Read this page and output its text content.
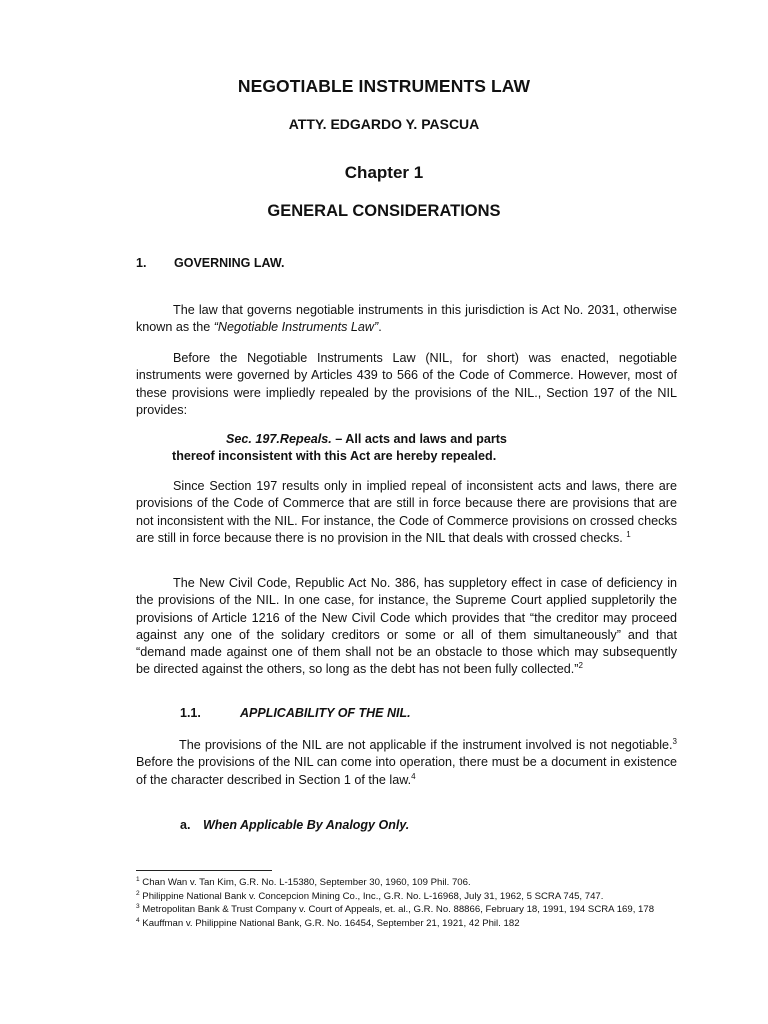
NEGOTIABLE INSTRUMENTS LAW
ATTY. EDGARDO Y. PASCUA
Chapter 1
GENERAL CONSIDERATIONS
1. GOVERNING LAW.

The law that governs negotiable instruments in this jurisdiction is Act No. 2031, otherwise known as the “Negotiable Instruments Law”.

Before the Negotiable Instruments Law (NIL, for short) was enacted, negotiable instruments were governed by Articles 439 to 566 of the Code of Commerce. However, most of these provisions were impliedly repealed by the provisions of the NIL., Section 197 of the NIL provides:

Sec. 197.Repeals. – All acts and laws and parts
thereof inconsistent with this Act are hereby repealed.

Since Section 197 results only in implied repeal of inconsistent acts and laws, there are provisions of the Code of Commerce that are still in force because there are provisions that are not inconsistent with the NIL. For instance, the Code of Commerce provisions on crossed checks are still in force because there is no provision in the NIL that deals with crossed checks. $^1$

The New Civil Code, Republic Act No. 386, has suppletory effect in case of deficiency in the provisions of the NIL. In one case, for instance, the Supreme Court applied suppletorily the provisions of Article 1216 of the New Civil Code which provides that “the creditor may proceed against any one of the solidary creditors or some or all of them simultaneously” and that “demand made against one of them shall not be an obstacle to those which may subsequently be directed against the others, so long as the debt has not been fully collected.”$^2$

1.1.	APPLICABILITY OF THE NIL.

The provisions of the NIL are not applicable if the instrument involved is not negotiable.$^3$ Before the provisions of the NIL can come into operation, there must be a document in existence of the character described in Section 1 of the law.$^4$

a. When Applicable By Analogy Only.
$^1$ Chan Wan v. Tan Kim, G.R. No. L-15380, September 30, 1960, 109 Phil. 706.
$^2$ Philippine National Bank v. Concepcion Mining Co., Inc., G.R. No. L-16968, July 31, 1962, 5 SCRA 745, 747.
$^3$ Metropolitan Bank & Trust Company v. Court of Appeals, et. al., G.R. No. 88866, February 18, 1991, 194 SCRA 169, 178
$^4$ Kauffman v. Philippine National Bank, G.R. No. 16454, September 21, 1921, 42 Phil. 182
